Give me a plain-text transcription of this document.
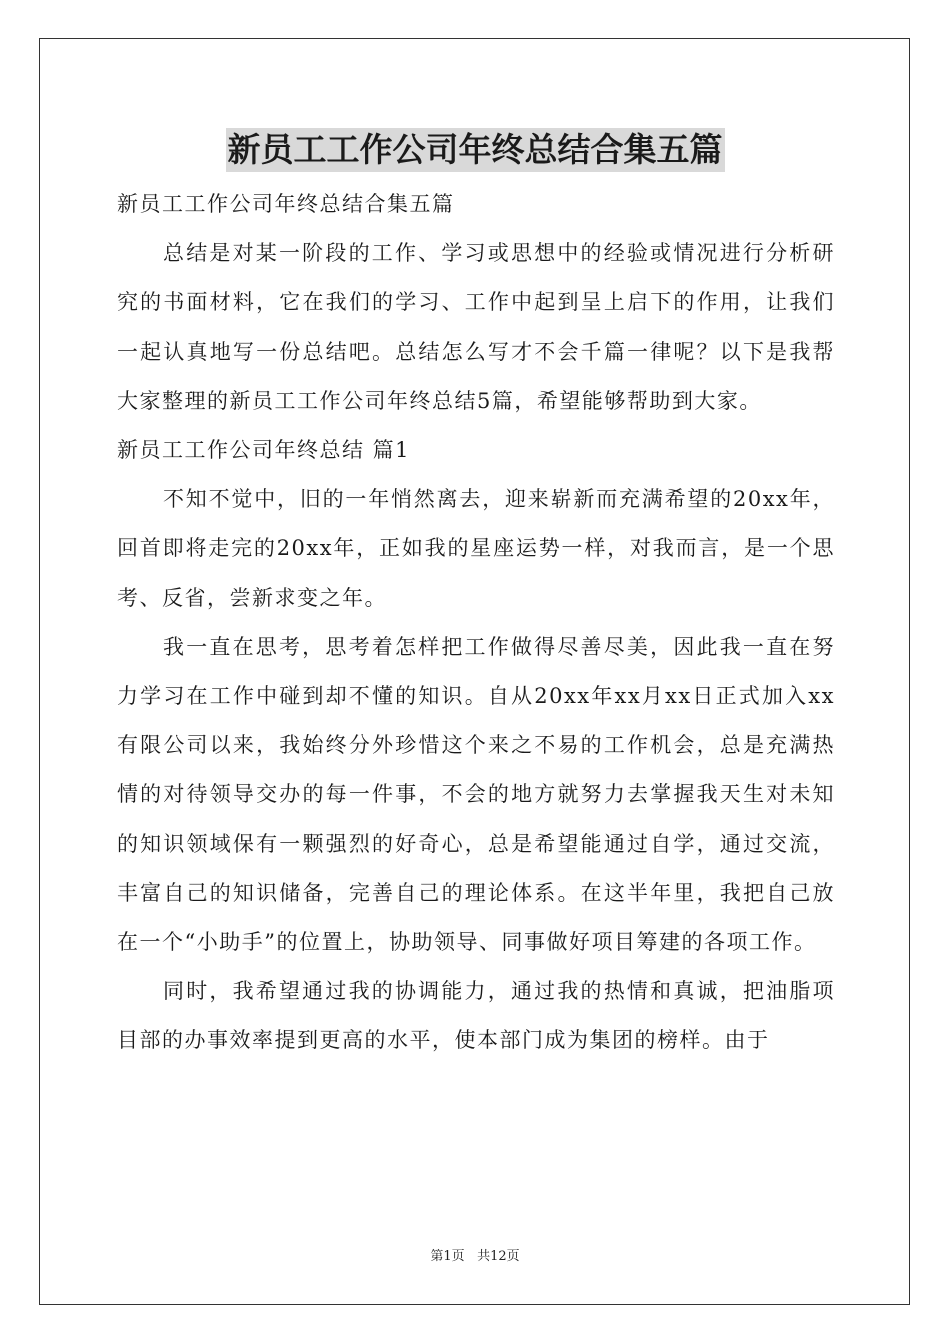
新员工工作公司年终总结合集五篇

新员工工作公司年终总结合集五篇

总结是对某一阶段的工作、学习或思想中的经验或情况进行分析研究的书面材料，它在我们的学习、工作中起到呈上启下的作用，让我们一起认真地写一份总结吧。总结怎么写才不会千篇一律呢？以下是我帮大家整理的新员工工作公司年终总结5篇，希望能够帮助到大家。

新员工工作公司年终总结 篇1

不知不觉中，旧的一年悄然离去，迎来崭新而充满希望的20xx年，回首即将走完的20xx年，正如我的星座运势一样，对我而言，是一个思考、反省，尝新求变之年。

我一直在思考，思考着怎样把工作做得尽善尽美，因此我一直在努力学习在工作中碰到却不懂的知识。自从20xx年xx月xx日正式加入xx有限公司以来，我始终分外珍惜这个来之不易的工作机会，总是充满热情的对待领导交办的每一件事，不会的地方就努力去掌握我天生对未知的知识领域保有一颗强烈的好奇心，总是希望能通过自学，通过交流，丰富自己的知识储备，完善自己的理论体系。在这半年里，我把自己放在一个“小助手”的位置上，协助领导、同事做好项目筹建的各项工作。

同时，我希望通过我的协调能力，通过我的热情和真诚，把油脂项目部的办事效率提到更高的水平，使本部门成为集团的榜样。由于

第1页 共12页
